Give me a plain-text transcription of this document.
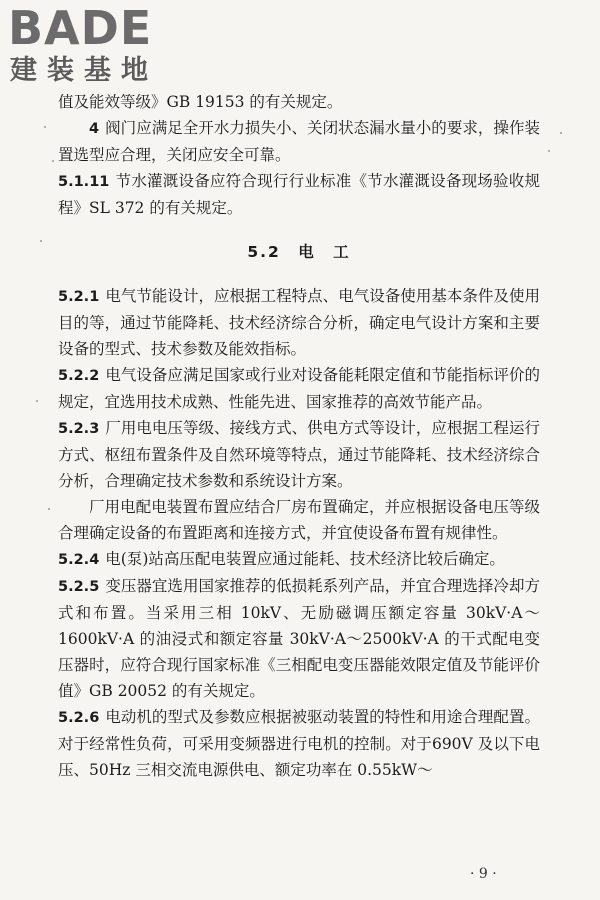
BADE
建装基地

值及能效等级》GB 19153 的有关规定。

4 阀门应满足全开水力损失小、关闭状态漏水量小的要求，操作装置选型应合理，关闭应安全可靠。

5.1.11 节水灌溉设备应符合现行行业标准《节水灌溉设备现场验收规程》SL 372 的有关规定。

5.2 电 工

5.2.1 电气节能设计，应根据工程特点、电气设备使用基本条件及使用目的等，通过节能降耗、技术经济综合分析，确定电气设计方案和主要设备的型式、技术参数及能效指标。

5.2.2 电气设备应满足国家或行业对设备能耗限定值和节能指标评价的规定，宜选用技术成熟、性能先进、国家推荐的高效节能产品。

5.2.3 厂用电电压等级、接线方式、供电方式等设计，应根据工程运行方式、枢纽布置条件及自然环境等特点，通过节能降耗、技术经济综合分析，合理确定技术参数和系统设计方案。

厂用电配电装置布置应结合厂房布置确定，并应根据设备电压等级合理确定设备的布置距离和连接方式，并宜使设备布置有规律性。

5.2.4 电(泵)站高压配电装置应通过能耗、技术经济比较后确定。

5.2.5 变压器宜选用国家推荐的低损耗系列产品，并宜合理选择冷却方式和布置。当采用三相 10kV、无励磁调压额定容量 30kV·A～1600kV·A 的油浸式和额定容量 30kV·A～2500kV·A 的干式配电变压器时，应符合现行国家标准《三相配电变压器能效限定值及节能评价值》GB 20052 的有关规定。

5.2.6 电动机的型式及参数应根据被驱动装置的特性和用途合理配置。对于经常性负荷，可采用变频器进行电机的控制。对于690V 及以下电压、50Hz 三相交流电源供电、额定功率在 0.55kW～

· 9 ·
